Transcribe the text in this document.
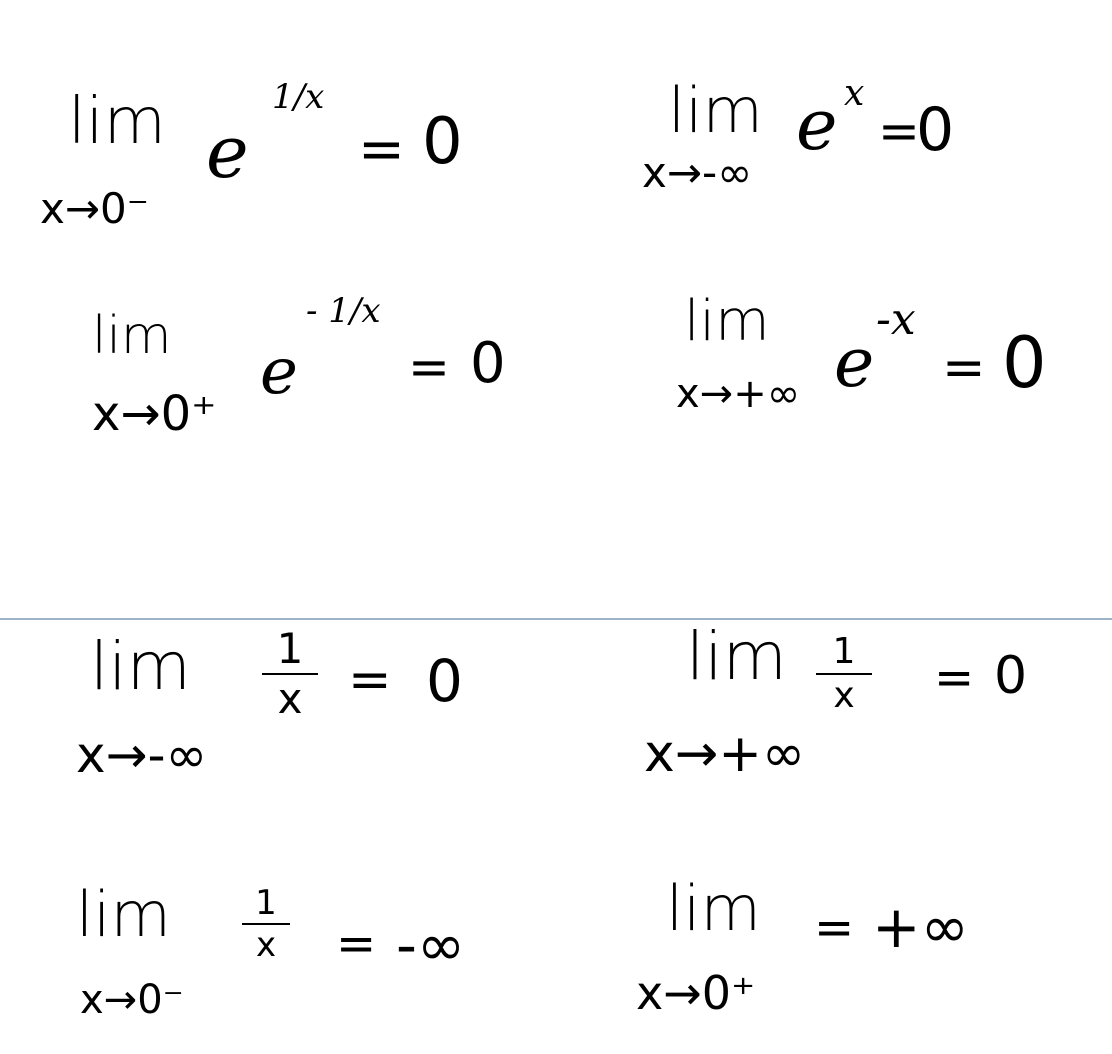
lim
x→0⁻
e
1/x
= 0	lim
x→-∞
e x
=
0
lim
x→0⁺
e
- 1/x
= 0
lim
x→+∞ e
-x
= 0
lim
x→-∞
1
x = 0	lim
x→+∞
1
x = 0
lim
x→0⁻
1
x = -∞	lim
x→0⁺
= +∞
